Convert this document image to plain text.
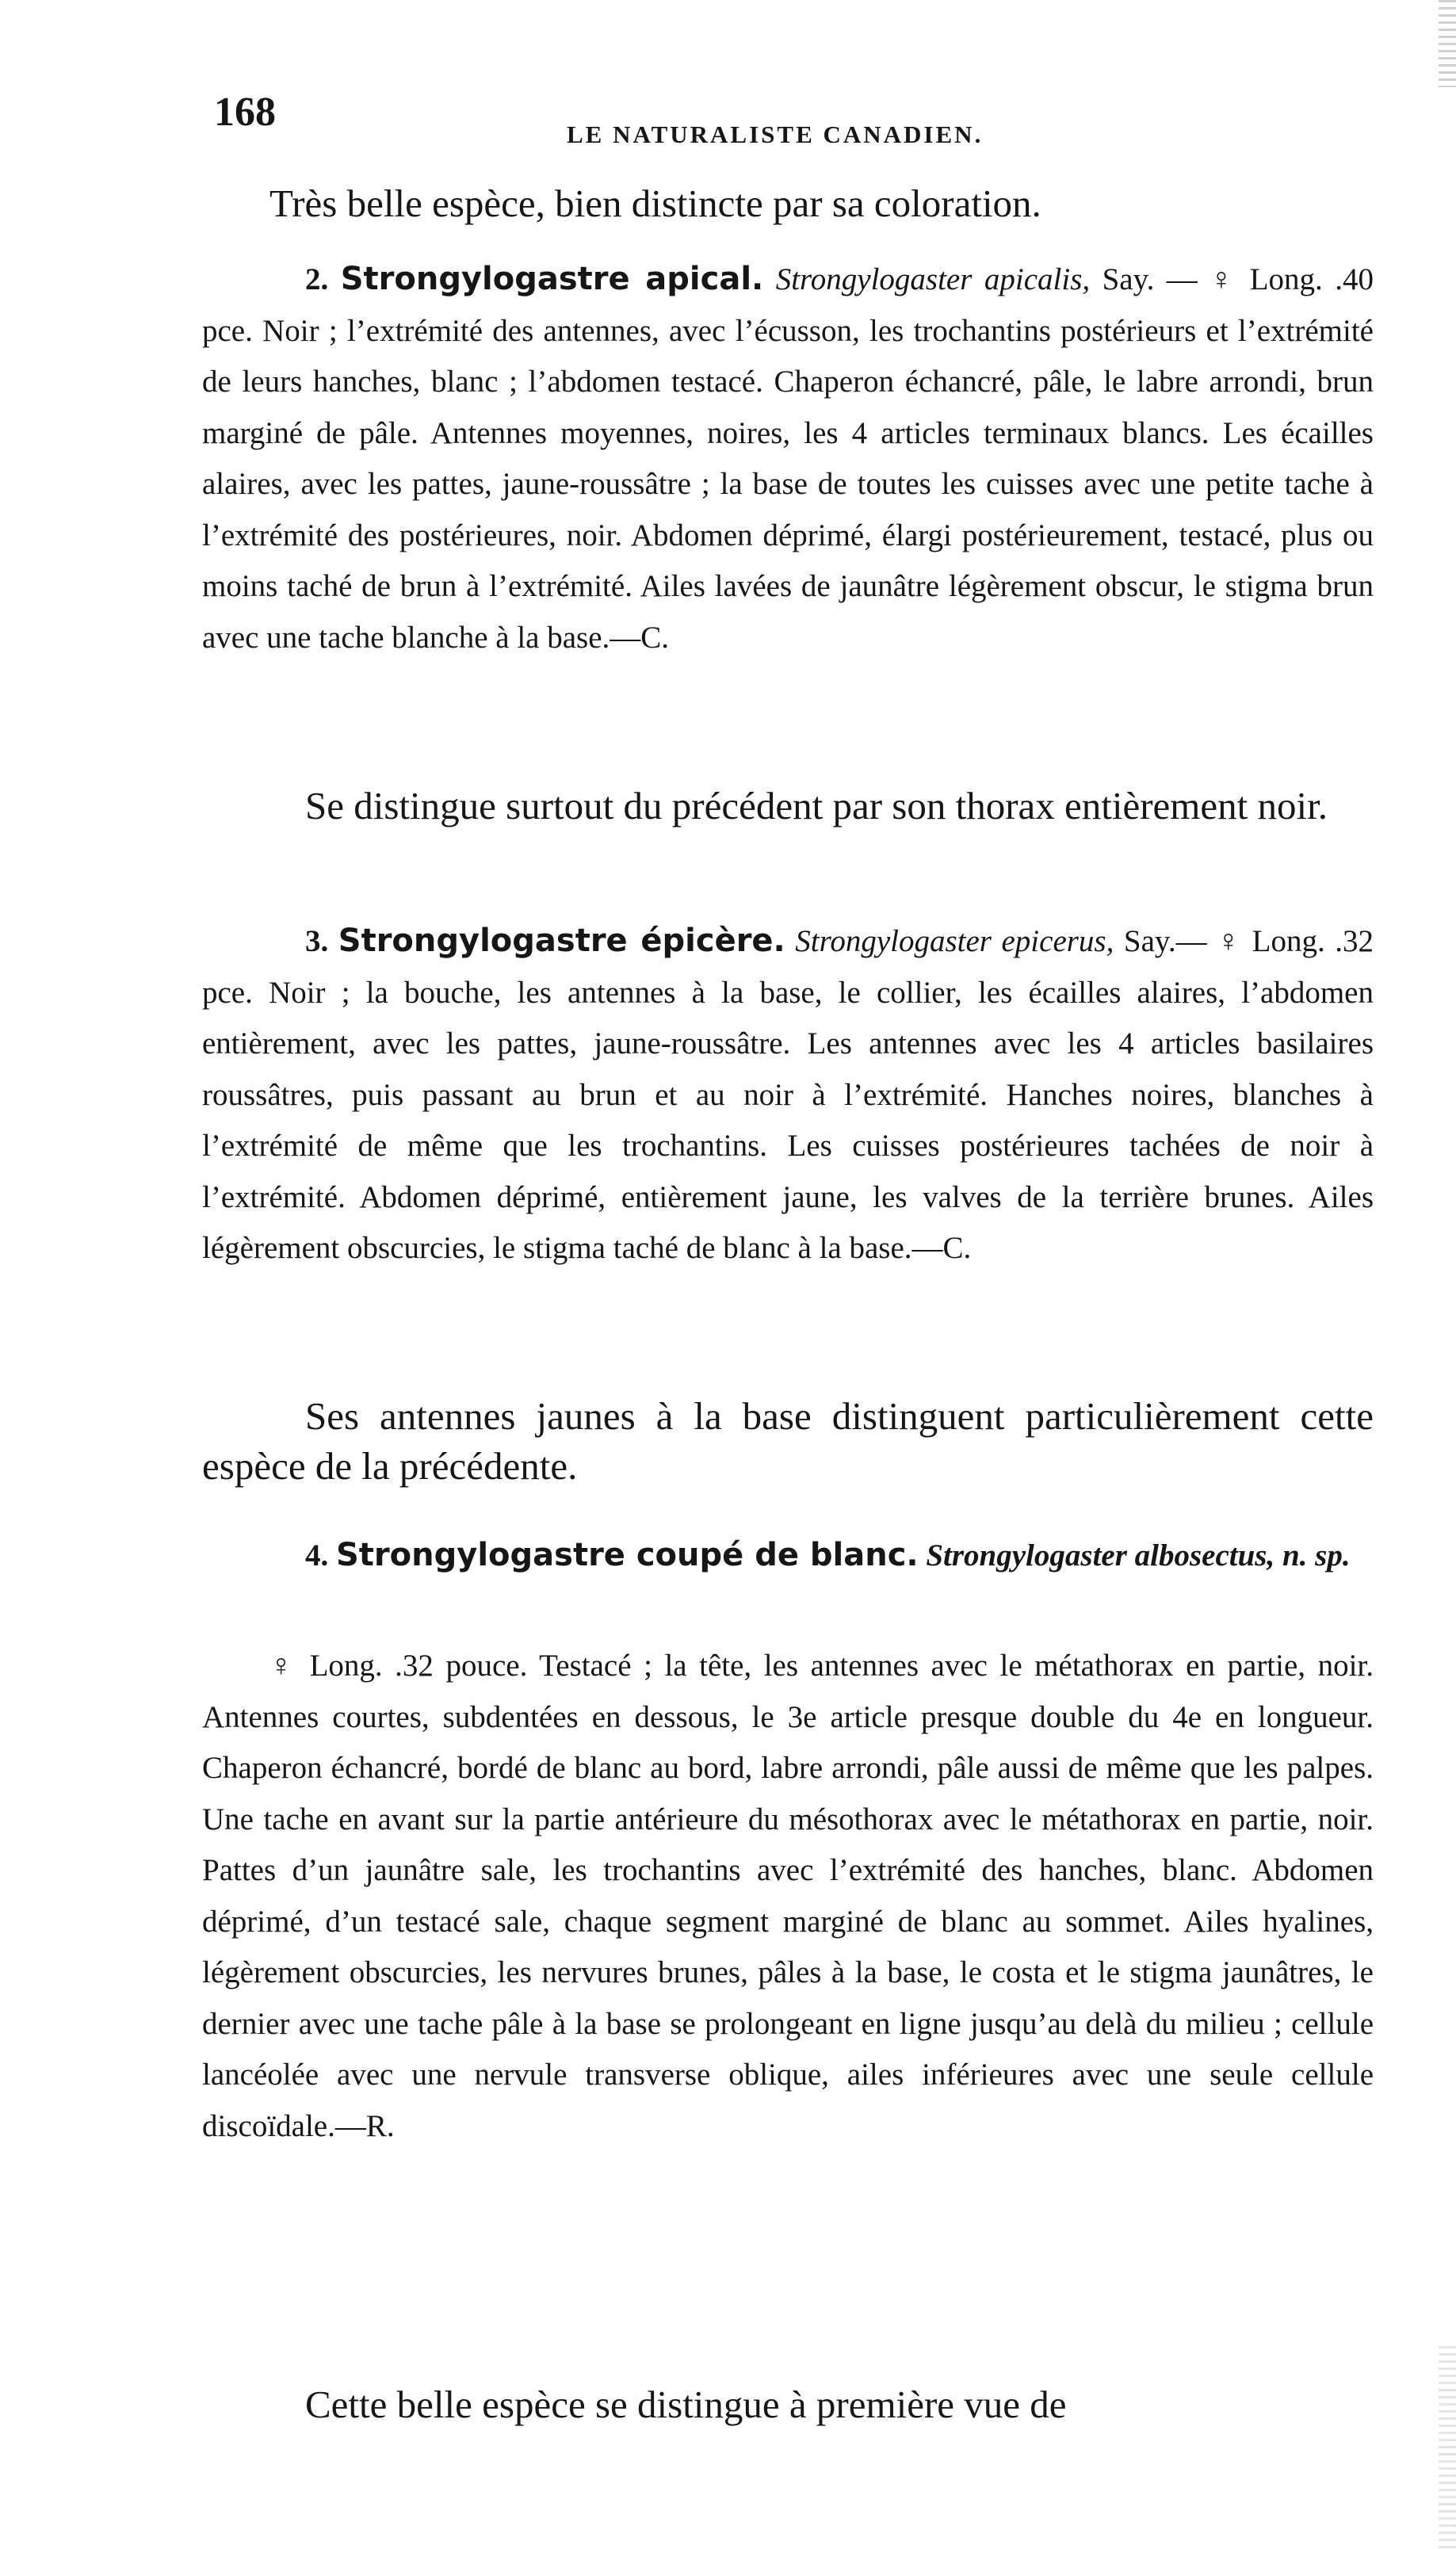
168	LE NATURALISTE CANADIEN.

Très belle espèce, bien distincte par sa coloration.

2. Strongylogastre apical. Strongylogaster apicalis, Say. — ♀ Long. .40 pce. Noir ; l’extrémité des antennes, avec l’écusson, les trochantins postérieurs et l’extrémité de leurs hanches, blanc ; l’abdomen testacé. Chaperon échancré, pâle, le labre arrondi, brun marginé de pâle. Antennes moyennes, noires, les 4 articles terminaux blancs. Les écailles alaires, avec les pattes, jaune-roussâtre ; la base de toutes les cuisses avec une petite tache à l’extrémité des postérieures, noir. Abdomen déprimé, élargi postérieurement, testacé, plus ou moins taché de brun à l’extrémité. Ailes lavées de jaunâtre légèrement obscur, le stigma brun avec une tache blanche à la base.—C.

Se distingue surtout du précédent par son thorax entièrement noir.

3. Strongylogastre épicère. Strongylogaster epicerus, Say.— ♀ Long. .32 pce. Noir ; la bouche, les antennes à la base, le collier, les écailles alaires, l’abdomen entièrement, avec les pattes, jaune-roussâtre. Les antennes avec les 4 articles basilaires roussâtres, puis passant au brun et au noir à l’extrémité. Hanches noires, blanches à l’extrémité de même que les trochantins. Les cuisses postérieures tachées de noir à l’extrémité. Abdomen déprimé, entièrement jaune, les valves de la terrière brunes. Ailes légèrement obscurcies, le stigma taché de blanc à la base.—C.

Ses antennes jaunes à la base distinguent particulièrement cette espèce de la précédente.

4. Strongylogastre coupé de blanc. Strongylogaster albosectus, n. sp.

♀ Long. .32 pouce. Testacé ; la tête, les antennes avec le métathorax en partie, noir. Antennes courtes, subdentées en dessous, le 3e article presque double du 4e en longueur. Chaperon échancré, bordé de blanc au bord, labre arrondi, pâle aussi de même que les palpes. Une tache en avant sur la partie antérieure du mésothorax avec le métathorax en partie, noir. Pattes d’un jaunâtre sale, les trochantins avec l’extrémité des hanches, blanc. Abdomen déprimé, d’un testacé sale, chaque segment marginé de blanc au sommet. Ailes hyalines, légèrement obscurcies, les nervures brunes, pâles à la base, le costa et le stigma jaunâtres, le dernier avec une tache pâle à la base se prolongeant en ligne jusqu’au delà du milieu ; cellule lancéolée avec une nervule transverse oblique, ailes inférieures avec une seule cellule discoïdale.—R.

Cette belle espèce se distingue à première vue de
